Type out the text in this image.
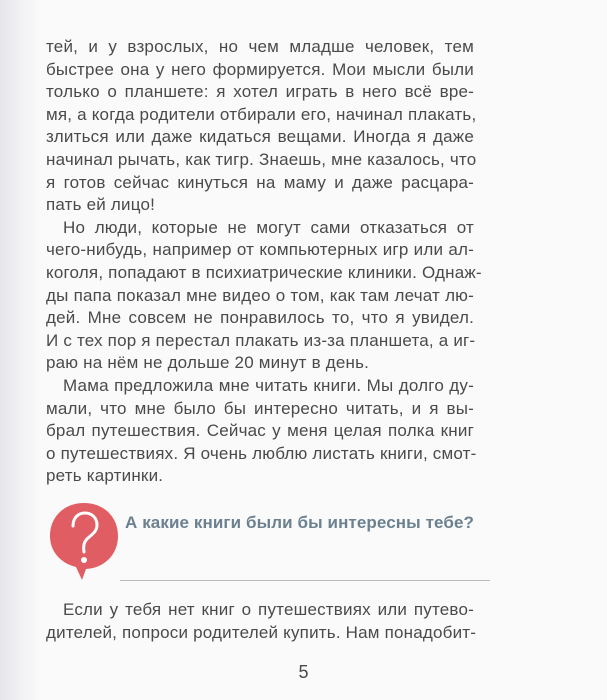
тей, и у взрослых, но чем младше человек, тем
быстрее она у него формируется. Мои мысли были
только о планшете: я хотел играть в него всё вре-
мя, а когда родители отбирали его, начинал плакать,
злиться или даже кидаться вещами. Иногда я даже
начинал рычать, как тигр. Знаешь, мне казалось, что
я готов сейчас кинуться на маму и даже расцара-
пать ей лицо!
Но люди, которые не могут сами отказаться от
чего-нибудь, например от компьютерных игр или ал-
коголя, попадают в психиатрические клиники. Однаж-
ды папа показал мне видео о том, как там лечат лю-
дей. Мне совсем не понравилось то, что я увидел.
И с тех пор я перестал плакать из-за планшета, а иг-
раю на нём не дольше 20 минут в день.
Мама предложила мне читать книги. Мы долго ду-
мали, что мне было бы интересно читать, и я вы-
брал путешествия. Сейчас у меня целая полка книг
о путешествиях. Я очень люблю листать книги, смот-
реть картинки.
А какие книги были бы интересны тебе?
Если у тебя нет книг о путешествиях или путево-
дителей, попроси родителей купить. Нам понадобит-
5
